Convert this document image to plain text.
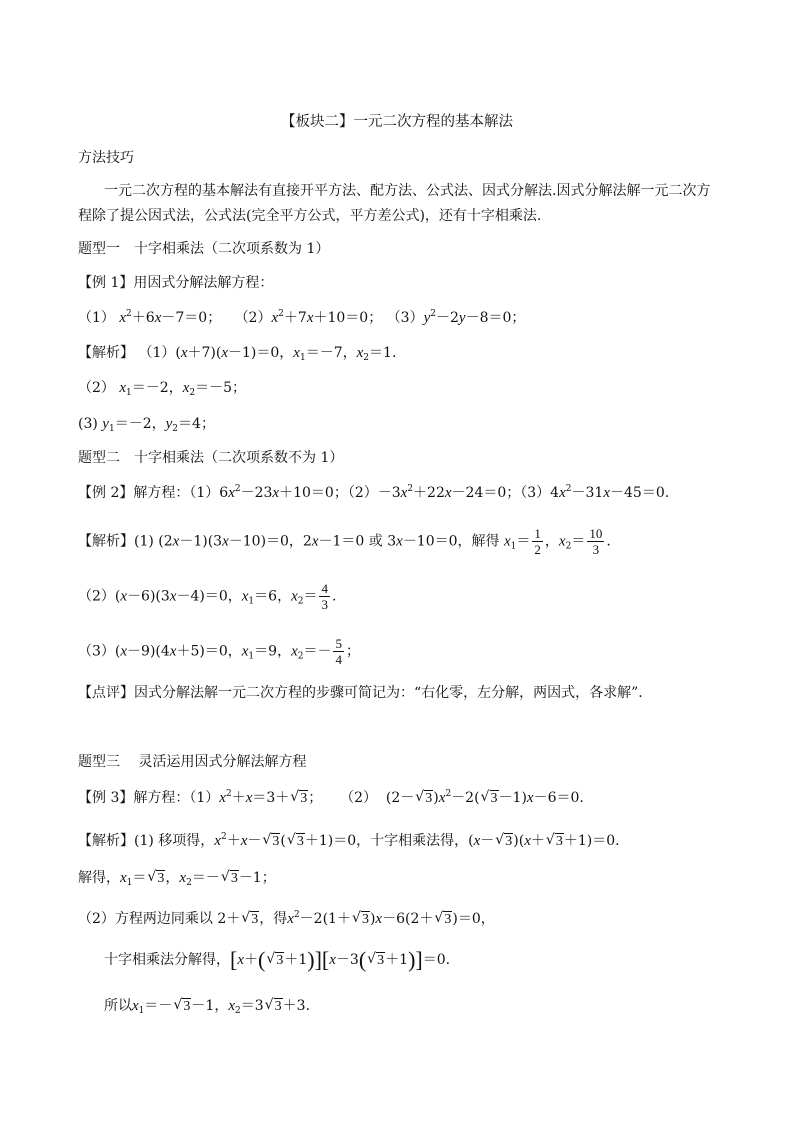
【板块二】一元二次方程的基本解法
方法技巧
一元二次方程的基本解法有直接开平方法、配方法、公式法、因式分解法.因式分解法解一元二次方
程除了提公因式法，公式法(完全平方公式，平方差公式)，还有十字相乘法.
题型一　十字相乘法（二次项系数为 1）
【例 1】用因式分解法解方程：
（1） $x^2+6x-7=0$； $(2)x^2+7x+10=0$； $(3)y^2-2y-8=0$；
【解析】 （1）(x＋7)(x－1)＝0，$x_1=-7$，$x_2=1$.
（2） $x_1=-2$，$x_2=-5$；
(3) $y_1=-2$，$y_2=4$；
题型二　十字相乘法（二次项系数不为 1）
【例 2】解方程：$(1)6x^2-23x+10=0$；$(2)-3x^2+22x-24=0$；$(3)4x^2-31x-45=0$.
【解析】(1) (2x－1)(3x－10)＝0，2x－1＝0 或 3x－10＝0，解得 $x_1= \frac{1}{2}$ ，$x_2= \frac{10}{3}$ .
（2）(x－6)(3x－4)＝0，$x_1=6$，$x_2= \frac{4}{3}$ .
（3）(x－9)(4x＋5)＝0，$x_1=9$，$x_2=- \frac{5}{4}$ ；
【点评】因式分解法解一元二次方程的步骤可简记为：“右化零，左分解，两因式，各求解”.
题型三　 灵活运用因式分解法解方程
【例 3】解方程：$(1)x^2+x=3+$ √ 3； （2） (2－ √ $3)x^2-2$( √ 3－1)x－6＝0.
【解析】(1) 移项得，$x^2+x-$ √ 3( √ 3＋1)＝0，十字相乘法得，(x－ √ 3)(x＋ √ 3＋1)＝0.
解得，$x_1=$ √ 3，$x_2=-$ √ 3－1；
（2）方程两边同乘以 2＋ √ 3，得$x^2-2(1+$ √ 3)x－6(2＋ √ 3)＝0，
十字相乘法分解得，[x＋( √ 3＋1)][x－3( √ 3＋1)]＝0.
所以$x_1=-$ √ 3－1，$x_2=3$ √ 3＋3.
